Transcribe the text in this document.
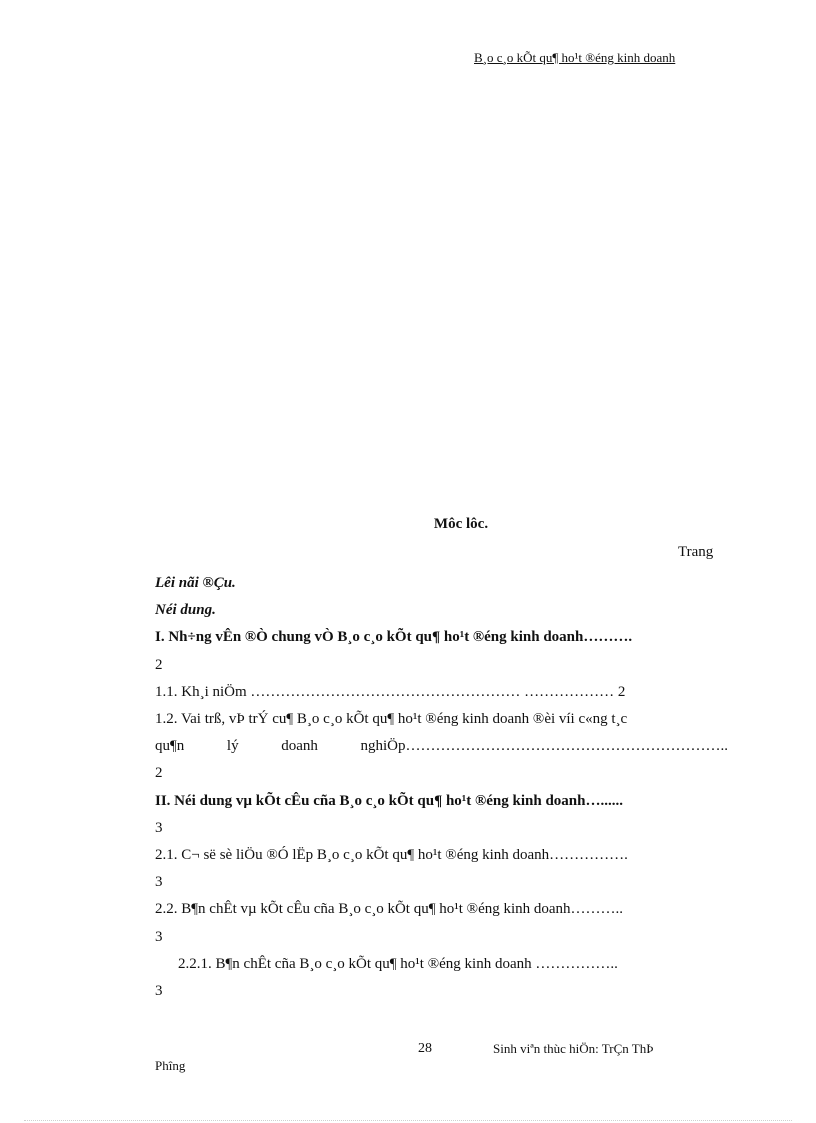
B¸o c¸o kÕt qu¶ ho¹t ®éng kinh doanh
Môc lôc.
Trang
Lêi nãi ®Çu.
Néi dung.
I. Nh÷ng vÊn ®Ò chung vÒ B¸o c¸o kÕt qu¶ ho¹t ®éng kinh doanh……….
2
1.1. Kh¸i niÖm ……………………………………………… ……………… 2
1.2. Vai trß, vÞ trÝ cu¶ B¸o c¸o kÕt qu¶ ho¹t ®éng kinh doanh ®èi víi c«ng t¸c
qu¶n lý doanh nghiÖp………………………………………………………..
2
II. Néi dung vµ kÕt cÊu cña B¸o c¸o kÕt qu¶ ho¹t ®éng kinh doanh…......
3
2.1. C¬ së sè liÖu ®Ó lËp B¸o c¸o kÕt qu¶ ho¹t ®éng kinh doanh…………….
3
2.2. B¶n chÊt vµ kÕt cÊu cña B¸o c¸o kÕt qu¶ ho¹t ®éng kinh doanh………..
3
2.2.1. B¶n chÊt cña B¸o c¸o kÕt qu¶ ho¹t ®éng kinh doanh ……………..
3
28	Sinh viªn thùc hiÖn: TrÇn ThÞ
Phîng
